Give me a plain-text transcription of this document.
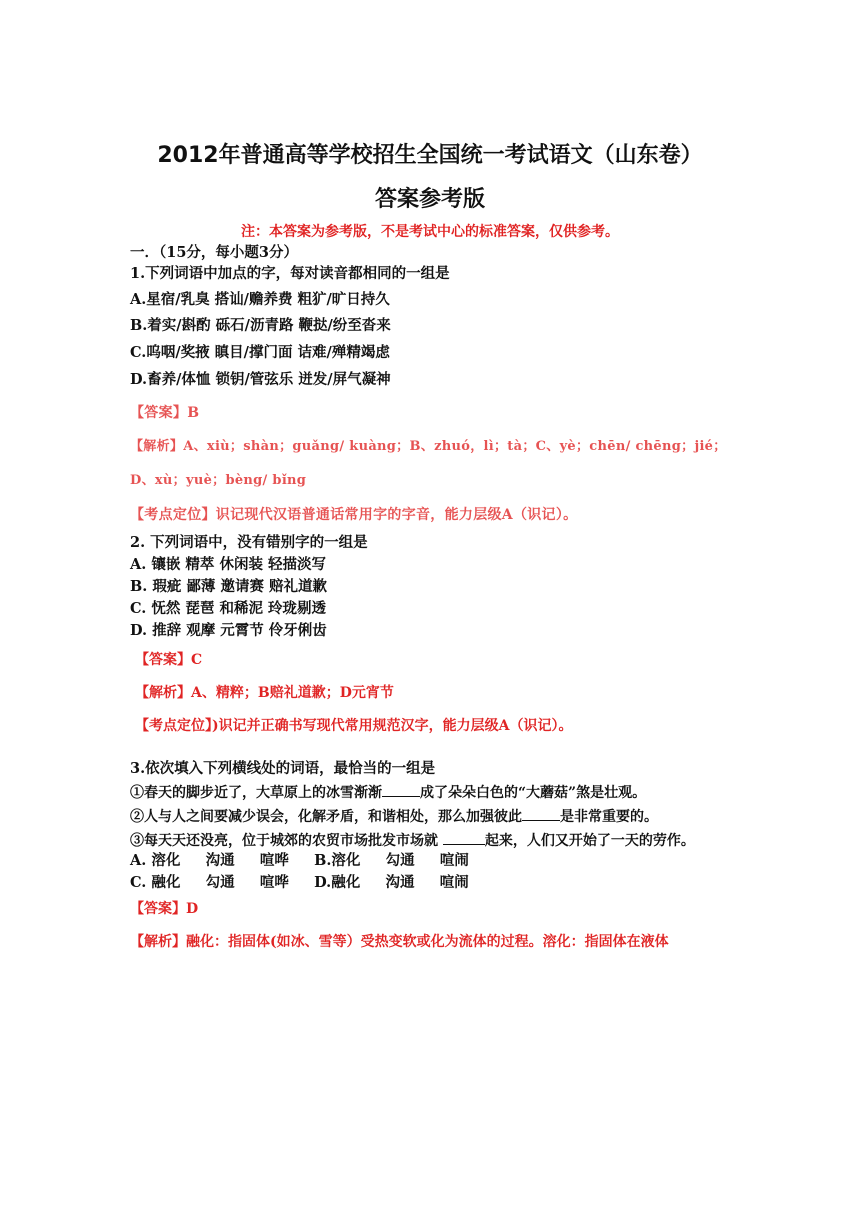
2012年普通高等学校招生全国统一考试语文（山东卷）
答案参考版
注：本答案为参考版，不是考试中心的标准答案，仅供参考。
一．（15分，每小题3分）
1.下列词语中加点的字，每对读音都相同的一组是
A.星宿/乳臭 搭讪/赡养费 粗犷/旷日持久
B.着实/斟酌 砾石/沥青路 鞭挞/纷至沓来
C.呜咽/奖掖 瞋目/撑门面 诘难/殚精竭虑
D.畜养/体恤 锁钥/管弦乐 迸发/屏气凝神
【答案】B
【解析】A、xiù；shàn；guǎng/ kuàng；B、zhuó，lì；tà；C、yè；chēn/ chēng；jié；
D、xù；yuè；bèng/ bǐng
【考点定位】识记现代汉语普通话常用字的字音，能力层级A（识记）。
2. 下列词语中，没有错别字的一组是
A. 镶嵌 精萃 休闲装 轻描淡写
B. 瑕疵 鄙薄 邀请赛 赔礼道歉
C. 怃然 琵琶 和稀泥 玲珑剔透
D. 推辞 观摩 元霄节 伶牙俐齿
【答案】C
【解析】A、精粹；B赔礼道歉；D元宵节
【考点定位】)识记并正确书写现代常用规范汉字，能力层级A（识记）。
3.依次填入下列横线处的词语，最恰当的一组是
①春天的脚步近了，大草原上的冰雪渐渐	成了朵朵白色的“大蘑菇”煞是壮观。
②人与人之间要减少误会，化解矛盾，和谐相处，那么加强彼此	是非常重要的。
③每天天还没亮，位于城郊的农贸市场批发市场就	起来，人们又开始了一天的劳作。
A. 溶化     沟通     喧哗     B.溶化     勾通     喧闹
C. 融化     勾通     喧哗     D.融化     沟通     喧闹
【答案】D
【解析】融化：指固体(如冰、雪等）受热变软或化为流体的过程。溶化：指固体在液体
